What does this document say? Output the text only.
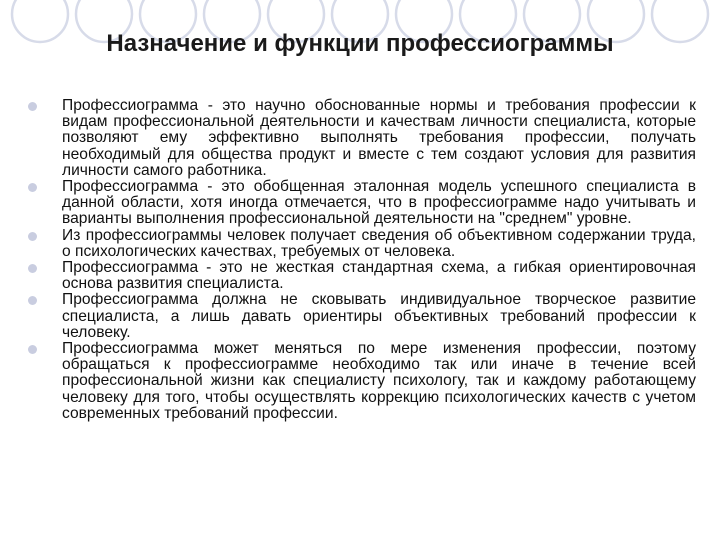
Назначение и функции профессиограммы
Профессиограмма - это научно обоснованные нормы и требования профессии к видам профессиональной деятельности и качествам личности специалиста, которые позволяют ему эффективно выполнять требования профессии, получать необходимый для общества продукт и вместе с тем создают условия для развития личности самого работника.
Профессиограмма - это обобщенная эталонная модель успешного специалиста в данной области, хотя иногда отмечается, что в профессиограмме надо учитывать и варианты выполнения профессиональной деятельности на "среднем" уровне.
Из профессиограммы человек получает сведения об объективном содержании труда, о психологических качествах, требуемых от человека.
Профессиограмма - это не жесткая стандартная схема, а гибкая ориентировочная основа развития специалиста.
Профессиограмма должна не сковывать индивидуальное творческое развитие специалиста, а лишь давать ориентиры объективных требований профессии к человеку.
Профессиограмма может меняться по мере изменения профессии, поэтому обращаться к профессиограмме необходимо так или иначе в течение всей профессиональной жизни как специалисту психологу, так и каждому работающему человеку для того, чтобы осуществлять коррекцию психологических качеств с учетом современных требований профессии.
